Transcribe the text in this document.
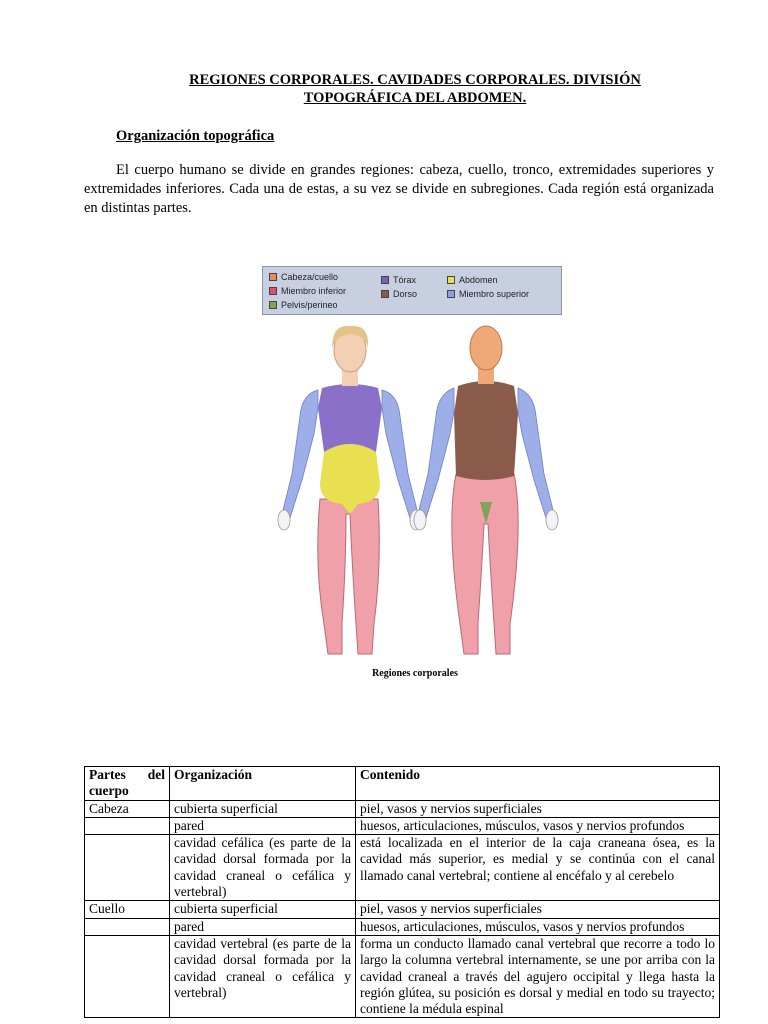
REGIONES CORPORALES. CAVIDADES CORPORALES. DIVISIÓN
TOPOGRÁFICA DEL ABDOMEN.
Organización topográfica

El cuerpo humano se divide en grandes regiones: cabeza, cuello, tronco, extremidades superiores y extremidades inferiores. Cada una de estas, a su vez se divide en subregiones. Cada región está organizada en distintas partes.

Cabeza/cuello
Miembro inferior
Pelvis/perineo
Tórax
Dorso
Abdomen
Miembro superior
Regiones corporales
Partes del cuerpo	Organización	Contenido
Cabeza	cubierta superficial	piel, vasos y nervios superficiales
	pared	huesos, articulaciones, músculos, vasos y nervios profundos
	cavidad cefálica (es parte de la cavidad dorsal formada por la cavidad craneal o cefálica y vertebral)	está localizada en el interior de la caja craneana ósea, es la cavidad más superior, es medial y se continúa con el canal llamado canal vertebral; contiene al encéfalo y al cerebelo
Cuello	cubierta superficial	piel, vasos y nervios superficiales
	pared	huesos, articulaciones, músculos, vasos y nervios profundos
	cavidad vertebral (es parte de la cavidad dorsal formada por la cavidad craneal o cefálica y vertebral)	forma un conducto llamado canal vertebral que recorre a todo lo largo la columna vertebral internamente, se une por arriba con la cavidad craneal a través del agujero occipital y llega hasta la región glútea, su posición es dorsal y medial en todo su trayecto; contiene la médula espinal
